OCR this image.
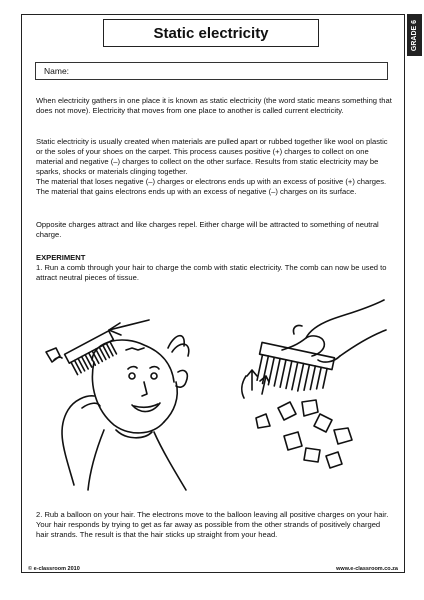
Static electricity	GRADE 6
Name:

When electricity gathers in one place it is known as static electricity (the word static means something that does not move). Electricity that moves from one place to another is called current electricity.

Static electricity is usually created when materials are pulled apart or rubbed together like wool on plastic or the soles of your shoes on the carpet. This process causes positive (+) charges to collect on one material and negative (–) charges to collect on the other surface. Results from static electricity may be sparks, shocks or materials clinging together.

The material that loses negative (–) charges or electrons ends up with an excess of positive (+) charges. The material that gains electrons ends up with an excess of negative (–) charges on its surface.

Opposite charges attract and like charges repel. Either charge will be attracted to something of neutral charge.

EXPERIMENT

1. Run a comb through your hair to charge the comb with static electricity. The comb can now be used to attract neutral pieces of tissue.

2. Rub a balloon on your hair. The electrons move to the balloon leaving all positive charges on your hair. Your hair responds by trying to get as far away as possible from the other strands of positively charged hair strands. The result is that the hair sticks up straight from your head.

© e-classroom 2010	www.e-classroom.co.za
